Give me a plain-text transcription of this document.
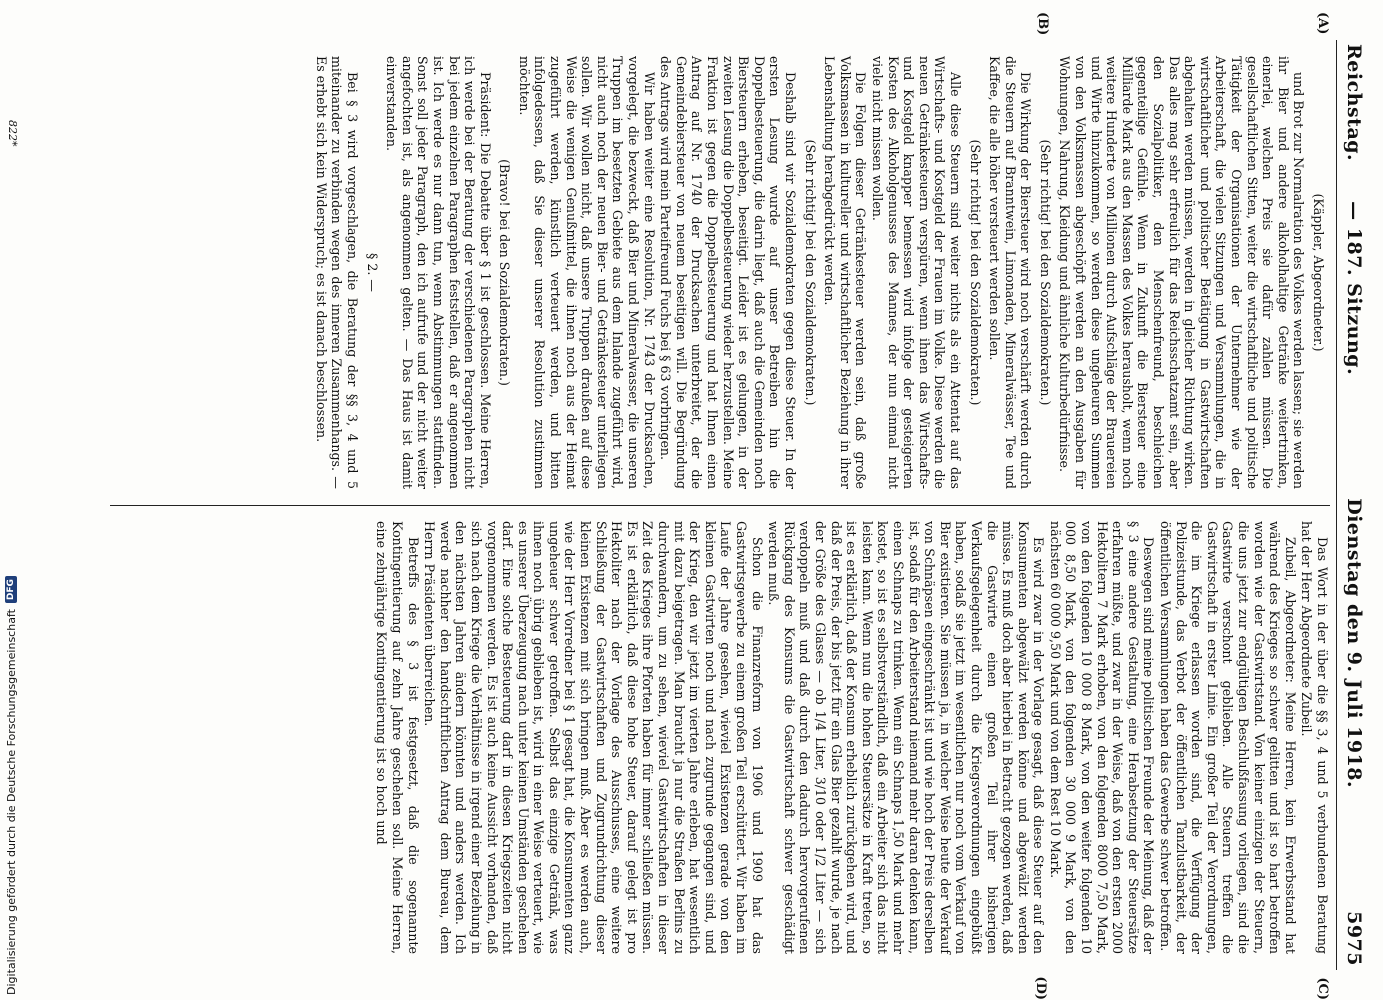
Reichstag.
— 187. Sitzung.
Dienstag den 9. Juli 1918.
5975
(A)
(B)

(Käppler, Abgeordneter.)

und Brot zur Normalration des Volkes werden lassen; sie werden ihr Bier und andere alkoholhaltige Getränke weitertrinken, einerlei, welchen Preis sie dafür zahlen müssen. Die gesellschaftlichen Sitten, weiter die wirtschaftliche und politische Tätigkeit der Organisationen der Unternehmer wie der Arbeiterschaft, die vielen Sitzungen und Versammlungen, die in wirtschaftlicher und politischer Betätigung in Gastwirtschaften abgehalten werden müssen, werden in gleicher Richtung wirken. Das alles mag sehr erfreulich für das Reichsschatzamt sein, aber den Sozialpolitiker, den Menschenfreund, beschleichen gegenteilige Gefühle. Wenn in Zukunft die Biersteuer eine Milliarde Mark aus den Massen des Volkes herausholt, wenn noch weitere Hunderte von Millionen durch Aufschläge der Brauereien und Wirte hinzukommen, so werden diese ungeheuren Summen von den Volksmassen abgeschöpft werden an den Ausgaben für Wohnungen, Nahrung, Kleidung und ähnliche Kulturbedürfnisse.

(Sehr richtig! bei den Sozialdemokraten.)

Die Wirkung der Biersteuer wird noch verschärft werden durch die Steuern auf Branntwein, Limonaden, Mineralwässer, Tee und Kaffee, die alle höher versteuert werden sollen.

(Sehr richtig! bei den Sozialdemokraten.)

Alle diese Steuern sind weiter nichts als ein Attentat auf das Wirtschafts- und Kostgeld der Frauen im Volke. Diese werden die neuen Getränkesteuern verspüren, wenn ihnen das Wirtschafts- und Kostgeld knapper bemessen wird infolge der gesteigerten Kosten des Alkoholgenusses des Mannes, der nun einmal nicht viele nicht missen wollen.

Die Folgen dieser Getränkesteuer werden sein, daß große Volksmassen in kultureller und wirtschaftlicher Beziehung in ihrer Lebenshaltung herabgedrückt werden.

(Sehr richtig! bei den Sozialdemokraten.)

Deshalb sind wir Sozialdemokraten gegen diese Steuer. In der ersten Lesung wurde auf unser Betreiben hin die Doppelbesteuerung, die darin liegt, daß auch die Gemeinden noch Biersteuern erheben, beseitigt. Leider ist es gelungen, in der zweiten Lesung die Doppelbesteuerung wieder herzustellen. Meine Fraktion ist gegen die Doppelbesteuerung und hat Ihnen einen Antrag auf Nr. 1740 der Drucksachen unterbreitet, der die Gemeindebiersteuer von neuem beseitigen will. Die Begründung des Antrags wird mein Parteifreund Fuchs bei § 63 vorbringen.

Wir haben weiter eine Resolution, Nr. 1743 der Drucksachen, vorgelegt, die bezweckt, daß Bier und Mineralwasser, die unseren Truppen im besetzten Gebiete aus dem Inlande zugeführt wird, nicht auch noch der neuen Bier- und Getränkesteuer unterliegen sollen. Wir wollen nicht, daß unsere Truppen draußen auf diese Weise die wenigen Genußmittel, die ihnen noch aus der Heimat zugeführt werden, künstlich verteuert werden, und bitten infolgedessen, daß Sie dieser unserer Resolution zustimmen möchten.

(Bravo! bei den Sozialdemokraten.)

Präsident: Die Debatte über § 1 ist geschlossen. Meine Herren, ich werde bei der Beratung der verschiedenen Paragraphen nicht bei jedem einzelnen Paragraphen feststellen, daß er angenommen ist. Ich werde es nur dann tun, wenn Abstimmungen stattfinden. Sonst soll jeder Paragraph, den ich aufrufe und der nicht weiter angefochten ist, als angenommen gelten. — Das Haus ist damit einverstanden.

§ 2. —

Bei § 3 wird vorgeschlagen, die Beratung der §§ 3, 4 und 5 miteinander zu verbinden wegen des inneren Zusammenhangs. — Es erhebt sich kein Widerspruch; es ist danach beschlossen.

(C)
(D)

Das Wort in der über die §§ 3, 4 und 5 verbundenen Beratung hat der Herr Abgeordnete Zubeil.

Zubeil, Abgeordneter: Meine Herren, kein Erwerbsstand hat während des Krieges so schwer gelitten und ist so hart betroffen worden wie der Gastwirtstand. Von keiner einzigen der Steuern, die uns jetzt zur endgültigen Beschlußfassung vorliegen, sind die Gastwirte verschont geblieben. Alle Steuern treffen die Gastwirtschaft in erster Linie. Ein großer Teil der Verordnungen, die im Kriege erlassen worden sind, die Verfügung der Polizeistunde, das Verbot der öffentlichen Tanzlustbarkeit, der öffentlichen Versammlungen haben das Gewerbe schwer betroffen.

Deswegen sind meine politischen Freunde der Meinung, daß der § 3 eine andere Gestaltung, eine Herabsetzung der Steuersätze erfahren müßte, und zwar in der Weise, daß von den ersten 2000 Hektolitern 7 Mark erhoben, von den folgenden 8000 7,50 Mark, von den folgenden 10 000 8 Mark, von den weiter folgenden 10 000 8,50 Mark, von den folgenden 30 000 9 Mark, von den nächsten 60 000 9,50 Mark und von dem Rest 10 Mark.

Es wird zwar in der Vorlage gesagt, daß diese Steuer auf den Konsumenten abgewälzt werden könne und abgewälzt werden müsse. Es muß doch aber hierbei in Betracht gezogen werden, daß die Gastwirte einen großen Teil ihrer bisherigen Verkaufsgelegenheit durch die Kriegsverordnungen eingebüßt haben, sodaß sie jetzt im wesentlichen nur noch vom Verkauf von Bier existieren. Sie müssen ja, in welcher Weise heute der Verkauf von Schnäpsen eingeschränkt ist und wie hoch der Preis derselben ist, sodaß für den Arbeiterstand niemand mehr daran denken kann, einen Schnaps zu trinken. Wenn ein Schnaps 1,50 Mark und mehr kostet, so ist es selbstverständlich, daß ein Arbeiter sich das nicht leisten kann. Wenn nun die hohen Steuersätze in Kraft treten, so ist es erklärlich, daß der Konsum erheblich zurückgehen wird, und daß der Preis, der bis jetzt für ein Glas Bier gezahlt wurde, je nach der Größe des Glases — ob 1/4 Liter, 3/10 oder 1/2 Liter — sich verdoppeln muß und daß durch den dadurch hervorgerufenen Rückgang des Konsums die Gastwirtschaft schwer geschädigt werden muß.

Schon die Finanzreform von 1906 und 1909 hat das Gastwirtsgewerbe zu einem großen Teil erschüttert. Wir haben im Laufe der Jahre gesehen, wieviel Existenzen gerade von den kleinen Gastwirten noch und nach zugrunde gegangen sind, und der Krieg, den wir jetzt im vierten Jahre erleben, hat wesentlich mit dazu beigetragen. Man braucht ja nur die Straßen Berlins zu durchwandern, um zu sehen, wieviel Gastwirtschaften in dieser Zeit des Krieges ihre Pforten haben für immer schließen müssen. Es ist erklärlich, daß diese hohe Steuer, darauf gelegt ist pro Hektoliter nach der Vorlage des Ausschusses, eine weitere Schließung der Gastwirtschaften und Zugrundrichtung dieser kleinen Existenzen mit sich bringen muß. Aber es werden auch, wie der Herr Vorredner bei § 1 gesagt hat, die Konsumenten ganz ungeheuer schwer getroffen. Selbst das einzige Getränk, was ihnen noch übrig geblieben ist, wird in einer Weise verteuert, wie es unserer Überzeugung nach unter keinen Umständen geschehen darf. Eine solche Besteuerung darf in diesen Kriegszeiten nicht vorgenommen werden. Es ist auch keine Aussicht vorhanden, daß sich nach dem Kriege die Verhältnisse in irgend einer Beziehung in den nächsten Jahren ändern könnten und anders werden. Ich werde nachher den handschriftlichen Antrag dem Bureau, dem Herrn Präsidenten überreichen.

Betreffs des § 3 ist festgesetzt, daß die sogenannte Kontingentierung auf zehn Jahre geschehen soll. Meine Herren, eine zehnjährige Kontingentierung ist so hoch und

822*
Digitalisierung gefördert durch die Deutsche Forschungsgemeinschaft
DFG
